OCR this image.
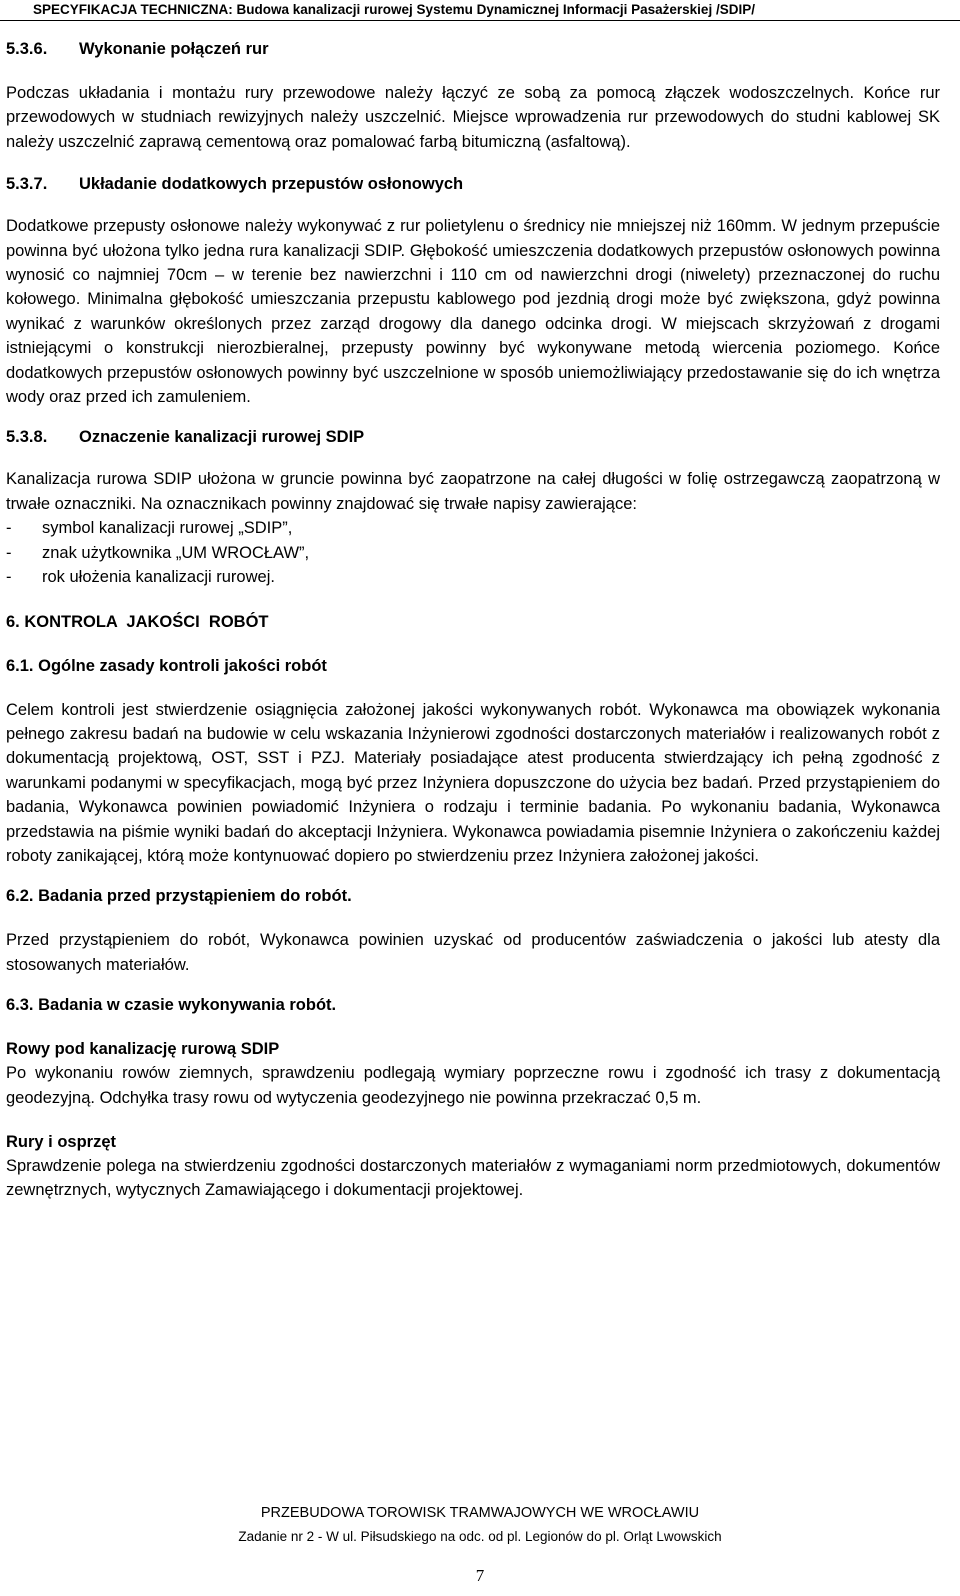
SPECYFIKACJA TECHNICZNA: Budowa kanalizacji rurowej Systemu Dynamicznej Informacji Pasażerskiej /SDIP/
5.3.6. Wykonanie połączeń rur
Podczas układania i montażu rury przewodowe należy łączyć ze sobą za pomocą złączek wodoszczelnych. Końce rur przewodowych w studniach rewizyjnych należy uszczelnić. Miejsce wprowadzenia rur przewodowych do studni kablowej SK należy uszczelnić zaprawą cementową oraz pomalować farbą bitumiczną (asfaltową).
5.3.7. Układanie dodatkowych przepustów osłonowych
Dodatkowe przepusty osłonowe należy wykonywać z rur polietylenu o średnicy nie mniejszej niż 160mm. W jednym przepuście powinna być ułożona tylko jedna rura kanalizacji SDIP. Głębokość umieszczenia dodatkowych przepustów osłonowych powinna wynosić co najmniej 70cm – w terenie bez nawierzchni i 110 cm od nawierzchni drogi (niwelety) przeznaczonej do ruchu kołowego. Minimalna głębokość umieszczania przepustu kablowego pod jezdnią drogi może być zwiększona, gdyż powinna wynikać z warunków określonych przez zarząd drogowy dla danego odcinka drogi. W miejscach skrzyżowań z drogami istniejącymi o konstrukcji nierozbieralnej, przepusty powinny być wykonywane metodą wiercenia poziomego. Końce dodatkowych przepustów osłonowych powinny być uszczelnione w sposób uniemożliwiający przedostawanie się do ich wnętrza wody oraz przed ich zamuleniem.
5.3.8. Oznaczenie kanalizacji rurowej SDIP
Kanalizacja rurowa SDIP ułożona w gruncie powinna być zaopatrzone na całej długości w folię ostrzegawczą zaopatrzoną w trwałe oznaczniki. Na oznacznikach powinny znajdować się trwałe napisy zawierające:
- symbol kanalizacji rurowej „SDIP”,
- znak użytkownika „UM WROCŁAW”,
- rok ułożenia kanalizacji rurowej.
6. KONTROLA  JAKOŚCI  ROBÓT
6.1. Ogólne zasady kontroli jakości robót
Celem kontroli jest stwierdzenie osiągnięcia założonej jakości wykonywanych robót. Wykonawca ma obowiązek wykonania pełnego zakresu badań na budowie w celu wskazania Inżynierowi zgodności dostarczonych materiałów i realizowanych robót z dokumentacją projektową, OST, SST i PZJ. Materiały posiadające atest producenta stwierdzający ich pełną zgodność z warunkami podanymi w specyfikacjach, mogą być przez Inżyniera dopuszczone do użycia bez badań. Przed przystąpieniem do badania, Wykonawca powinien powiadomić Inżyniera o rodzaju i terminie badania. Po wykonaniu badania, Wykonawca przedstawia na piśmie wyniki badań do akceptacji Inżyniera. Wykonawca powiadamia pisemnie Inżyniera o zakończeniu każdej roboty zanikającej, którą może kontynuować dopiero po stwierdzeniu przez Inżyniera założonej jakości.
6.2. Badania przed przystąpieniem do robót.
Przed przystąpieniem do robót, Wykonawca powinien uzyskać od producentów zaświadczenia o jakości lub atesty dla stosowanych materiałów.
6.3. Badania w czasie wykonywania robót.
Rowy pod kanalizację rurową SDIP
Po wykonaniu rowów ziemnych, sprawdzeniu podlegają wymiary poprzeczne rowu i zgodność ich trasy z dokumentacją geodezyjną. Odchyłka trasy rowu od wytyczenia geodezyjnego nie powinna przekraczać 0,5 m.
Rury i osprzęt
Sprawdzenie polega na stwierdzeniu zgodności dostarczonych materiałów z wymaganiami norm przedmiotowych, dokumentów zewnętrznych, wytycznych Zamawiającego i dokumentacji projektowej.
PRZEBUDOWA TOROWISK TRAMWAJOWYCH WE WROCŁAWIU
Zadanie nr 2 - W ul. Piłsudskiego na odc. od pl. Legionów do pl. Orląt Lwowskich
7
